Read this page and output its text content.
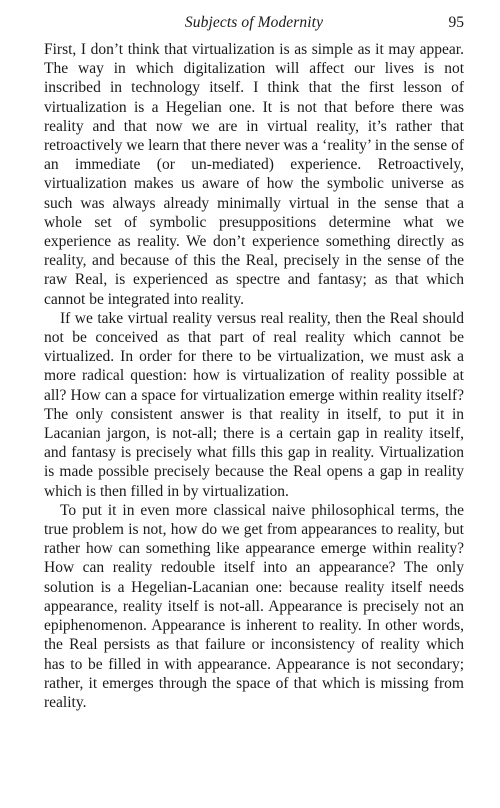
Subjects of Modernity	95

First, I don’t think that virtualization is as simple as it may appear. The way in which digitalization will affect our lives is not inscribed in technology itself. I think that the first lesson of virtualization is a Hegelian one. It is not that before there was reality and that now we are in virtual reality, it’s rather that retroactively we learn that there never was a ‘reality’ in the sense of an immediate (or un-mediated) experience. Retroactively, virtualization makes us aware of how the symbolic universe as such was always already minimally virtual in the sense that a whole set of symbolic presuppositions determine what we experience as reality. We don’t experience something directly as reality, and because of this the Real, precisely in the sense of the raw Real, is experienced as spectre and fantasy; as that which cannot be integrated into reality.

If we take virtual reality versus real reality, then the Real should not be conceived as that part of real reality which cannot be virtualized. In order for there to be virtualization, we must ask a more radical question: how is virtualization of reality possible at all? How can a space for virtualization emerge within reality itself? The only consistent answer is that reality in itself, to put it in Lacanian jargon, is not-all; there is a certain gap in reality itself, and fantasy is precisely what fills this gap in reality. Virtualization is made possible precisely because the Real opens a gap in reality which is then filled in by virtualization.

To put it in even more classical naive philosophical terms, the true problem is not, how do we get from appearances to reality, but rather how can something like appearance emerge within reality? How can reality redouble itself into an appearance? The only solution is a Hegelian-Lacanian one: because reality itself needs appearance, reality itself is not-all. Appearance is precisely not an epiphenomenon. Appearance is inherent to reality. In other words, the Real persists as that failure or inconsistency of reality which has to be filled in with appearance. Appearance is not secondary; rather, it emerges through the space of that which is missing from reality.
